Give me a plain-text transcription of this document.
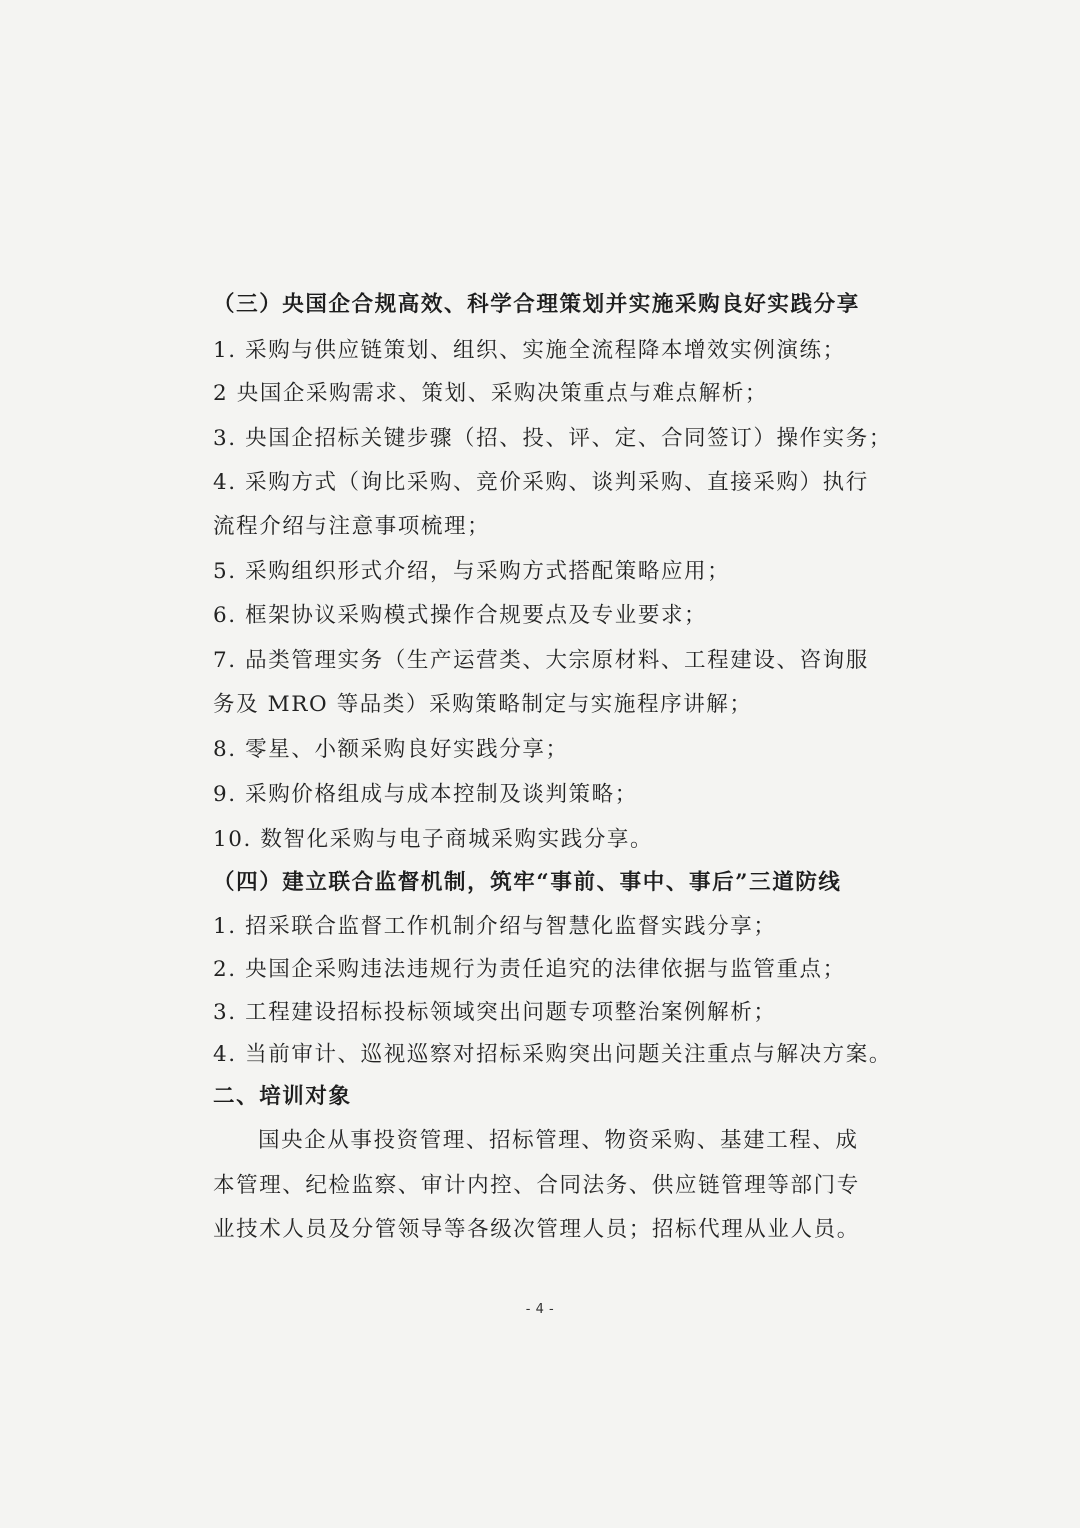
（三）央国企合规高效、科学合理策划并实施采购良好实践分享
1. 采购与供应链策划、组织、实施全流程降本增效实例演练；
2 央国企采购需求、策划、采购决策重点与难点解析；
3. 央国企招标关键步骤（招、投、评、定、合同签订）操作实务；
4. 采购方式（询比采购、竞价采购、谈判采购、直接采购）执行
流程介绍与注意事项梳理；
5. 采购组织形式介绍，与采购方式搭配策略应用；
6. 框架协议采购模式操作合规要点及专业要求；
7. 品类管理实务（生产运营类、大宗原材料、工程建设、咨询服
务及 MRO 等品类）采购策略制定与实施程序讲解；
8. 零星、小额采购良好实践分享；
9. 采购价格组成与成本控制及谈判策略；
10. 数智化采购与电子商城采购实践分享。
（四）建立联合监督机制，筑牢“事前、事中、事后”三道防线
1. 招采联合监督工作机制介绍与智慧化监督实践分享；
2. 央国企采购违法违规行为责任追究的法律依据与监管重点；
3. 工程建设招标投标领域突出问题专项整治案例解析；
4. 当前审计、巡视巡察对招标采购突出问题关注重点与解决方案。
二、培训对象
国央企从事投资管理、招标管理、物资采购、基建工程、成
本管理、纪检监察、审计内控、合同法务、供应链管理等部门专
业技术人员及分管领导等各级次管理人员；招标代理从业人员。
- 4 -
